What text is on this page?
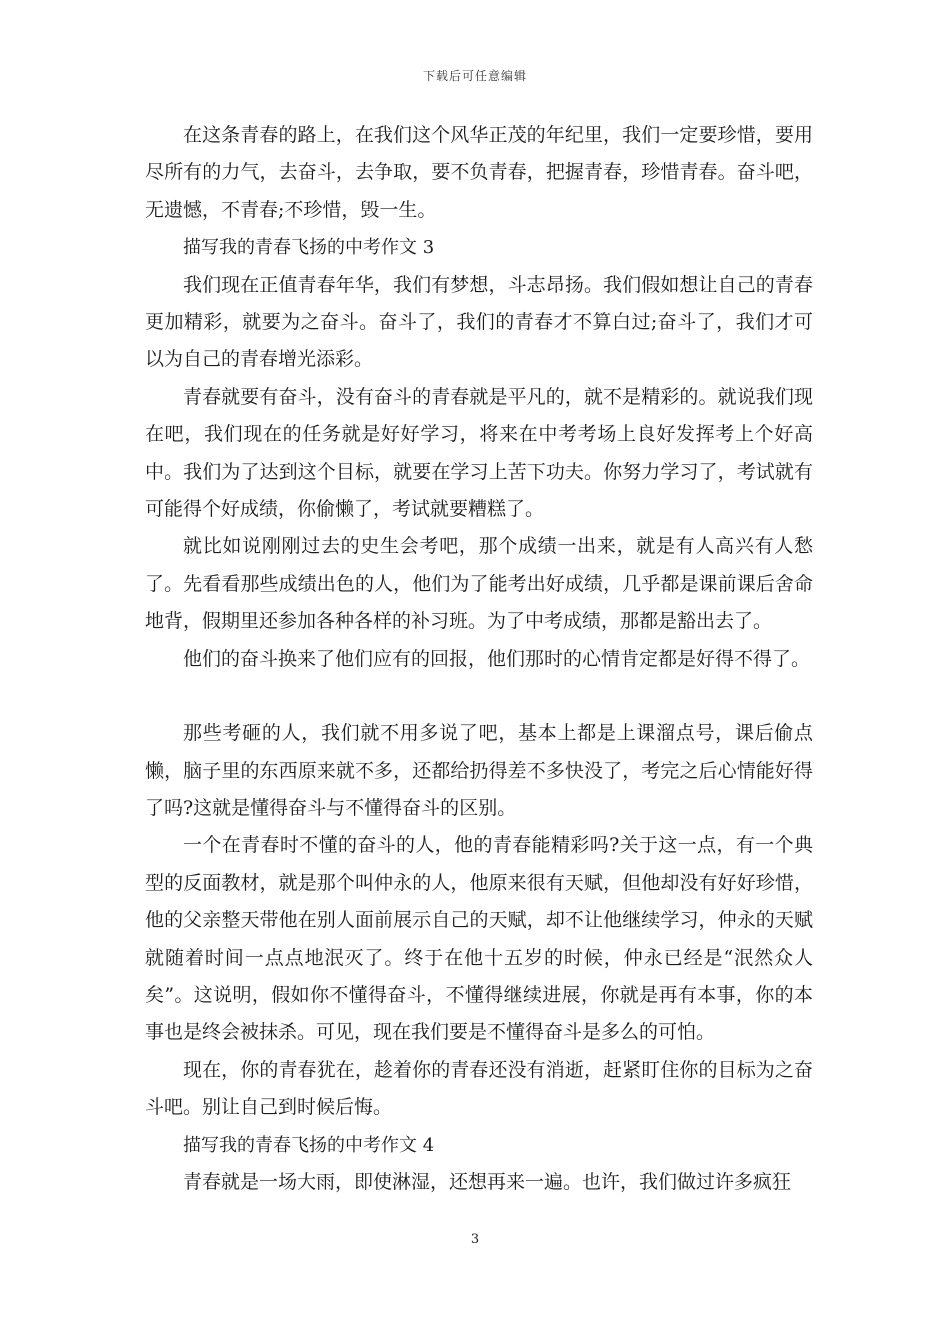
下载后可任意编辑

在这条青春的路上，在我们这个风华正茂的年纪里，我们一定要珍惜，要用尽所有的力气，去奋斗，去争取，要不负青春，把握青春，珍惜青春。奋斗吧，无遗憾，不青春;不珍惜，毁一生。

描写我的青春飞扬的中考作文 3

我们现在正值青春年华，我们有梦想，斗志昂扬。我们假如想让自己的青春更加精彩，就要为之奋斗。奋斗了，我们的青春才不算白过;奋斗了，我们才可以为自己的青春增光添彩。

青春就要有奋斗，没有奋斗的青春就是平凡的，就不是精彩的。就说我们现在吧，我们现在的任务就是好好学习，将来在中考考场上良好发挥考上个好高中。我们为了达到这个目标，就要在学习上苦下功夫。你努力学习了，考试就有可能得个好成绩，你偷懒了，考试就要糟糕了。

就比如说刚刚过去的史生会考吧，那个成绩一出来，就是有人高兴有人愁了。先看看那些成绩出色的人，他们为了能考出好成绩，几乎都是课前课后舍命地背，假期里还参加各种各样的补习班。为了中考成绩，那都是豁出去了。

他们的奋斗换来了他们应有的回报，他们那时的心情肯定都是好得不得了。

那些考砸的人，我们就不用多说了吧，基本上都是上课溜点号，课后偷点懒，脑子里的东西原来就不多，还都给扔得差不多快没了，考完之后心情能好得了吗?这就是懂得奋斗与不懂得奋斗的区别。

一个在青春时不懂的奋斗的人，他的青春能精彩吗?关于这一点，有一个典型的反面教材，就是那个叫仲永的人，他原来很有天赋，但他却没有好好珍惜，他的父亲整天带他在别人面前展示自己的天赋，却不让他继续学习，仲永的天赋就随着时间一点点地泯灭了。终于在他十五岁的时候，仲永已经是“泯然众人矣”。这说明，假如你不懂得奋斗，不懂得继续进展，你就是再有本事，你的本事也是终会被抹杀。可见，现在我们要是不懂得奋斗是多么的可怕。

现在，你的青春犹在，趁着你的青春还没有消逝，赶紧盯住你的目标为之奋斗吧。别让自己到时候后悔。

描写我的青春飞扬的中考作文 4

青春就是一场大雨，即使淋湿，还想再来一遍。也许，我们做过许多疯狂

3
